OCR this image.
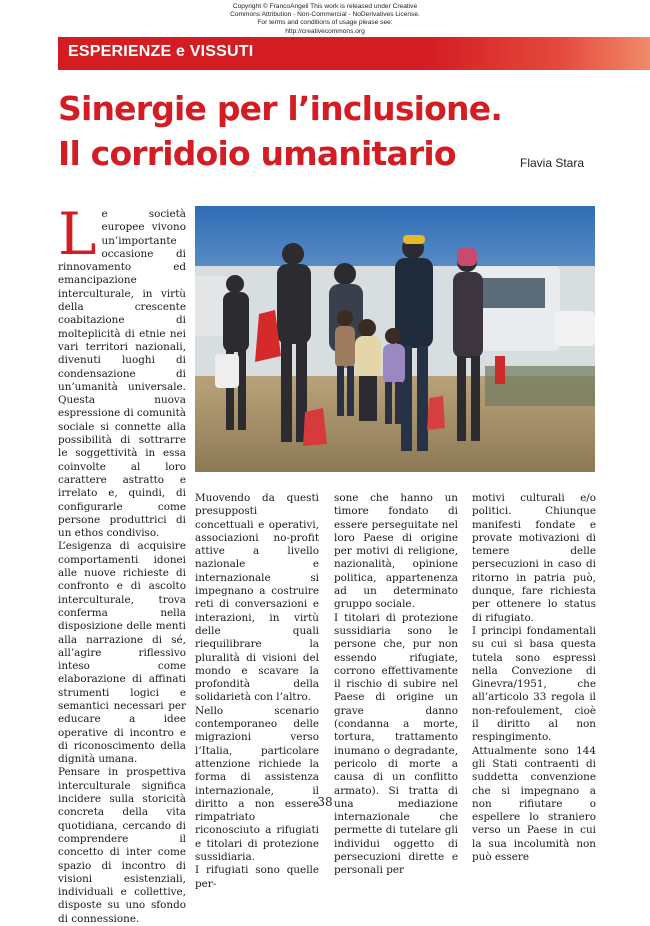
Copyright © FrancoAngeli This work is released under Creative
Commons Attribution - Non-Commercial - NoDerivatives License.
For terms and conditions of usage please see:
http://creativecommons.org
ESPERIENZE e VISSUTI
Sinergie per l’inclusione.
Il corridoio umanitario	Flavia Stara
L e società europee vivono un’importante occasione di rinnovamento ed emancipazione interculturale, in virtù della crescente coabitazione di molteplicità di etnie nei vari territori nazionali, divenuti luoghi di condensazione di un’umanità universale. Questa nuova espressione di comunità sociale si connette alla possibilità di sottrarre le soggettività in essa coinvolte al loro carattere astratto e irrelato e, quindi, di configurarle come persone produttrici di un ethos condiviso.

L’esigenza di acquisire comportamenti idonei alle nuove richieste di confronto e di ascolto interculturale, trova conferma nella disposizione delle menti alla narrazione di sé, all’agire riflessivo inteso come elaborazione di affinati strumenti logici e semantici necessari per educare a idee operative di incontro e di riconoscimento della dignità umana.

Pensare in prospettiva interculturale significa incidere sulla storicità concreta della vita quotidiana, cercando di comprendere il concetto di inter come spazio di incontro di visioni esistenziali, individuali e collettive, disposte su uno sfondo di connessione.

Muovendo da questi presupposti concettuali e operativi, associazioni no-profit attive a livello nazionale e internazionale si impegnano a costruire reti di conversazioni e interazioni, in virtù delle quali riequilibrare la pluralità di visioni del mondo e scavare la profondità della solidarietà con l’altro.

Nello scenario contemporaneo delle migrazioni verso l’Italia, particolare attenzione richiede la forma di assistenza internazionale, il diritto a non essere rimpatriato riconosciuto a rifugiati e titolari di protezione sussidiaria.

I rifugiati sono quelle per-

sone che hanno un timore fondato di essere perseguitate nel loro Paese di origine per motivi di religione, nazionalità, opinione politica, appartenenza ad un determinato gruppo sociale.

I titolari di protezione sussidiaria sono le persone che, pur non essendo rifugiate, corrono effettivamente il rischio di subire nel Paese di origine un grave danno (condanna a morte, tortura, trattamento inumano o degradante, pericolo di morte a causa di un conflitto armato). Si tratta di una mediazione internazionale che permette di tutelare gli individui oggetto di persecuzioni dirette e personali per

motivi culturali e/o politici. Chiunque manifesti fondate e provate motivazioni di temere delle persecuzioni in caso di ritorno in patria può, dunque, fare richiesta per ottenere lo status di rifugiato.

I principi fondamentali su cui si basa questa tutela sono espressi nella Convezione di Ginevra/1951, che all’articolo 33 regola il non-refoulement, cioè il diritto al non respingimento. Attualmente sono 144 gli Stati contraenti di suddetta convenzione che si impegnano a non rifiutare o espellere lo straniero verso un Paese in cui la sua incolumità non può essere

38
